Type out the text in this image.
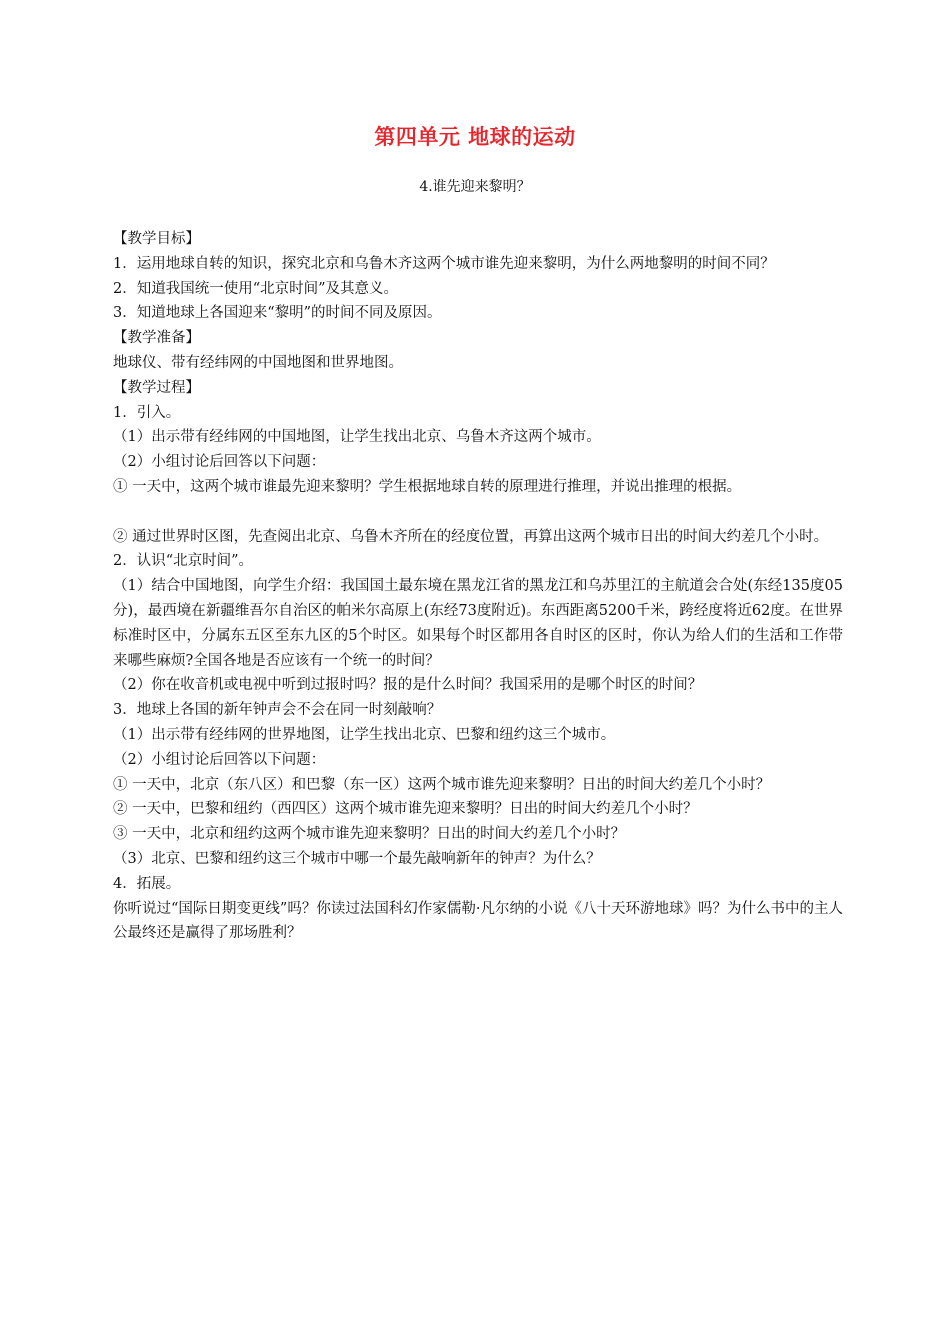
第四单元 地球的运动
4.谁先迎来黎明？

【教学目标】

1．运用地球自转的知识，探究北京和乌鲁木齐这两个城市谁先迎来黎明，为什么两地黎明的时间不同？

2．知道我国统一使用“北京时间”及其意义。

3．知道地球上各国迎来“黎明”的时间不同及原因。

【教学准备】

地球仪、带有经纬网的中国地图和世界地图。

【教学过程】

1．引入。

（1）出示带有经纬网的中国地图，让学生找出北京、乌鲁木齐这两个城市。

（2）小组讨论后回答以下问题：

① 一天中，这两个城市谁最先迎来黎明？学生根据地球自转的原理进行推理，并说出推理的根据。

② 通过世界时区图，先查阅出北京、乌鲁木齐所在的经度位置，再算出这两个城市日出的时间大约差几个小时。

2．认识“北京时间”。

（1）结合中国地图，向学生介绍：我国国土最东境在黑龙江省的黑龙江和乌苏里江的主航道会合处(东经135度05分)，最西境在新疆维吾尔自治区的帕米尔高原上(东经73度附近)。东西距离5200千米，跨经度将近62度。在世界标准时区中，分属东五区至东九区的5个时区。如果每个时区都用各自时区的区时，你认为给人们的生活和工作带来哪些麻烦?全国各地是否应该有一个统一的时间？

（2）你在收音机或电视中听到过报时吗？报的是什么时间？我国采用的是哪个时区的时间？

3．地球上各国的新年钟声会不会在同一时刻敲响？

（1）出示带有经纬网的世界地图，让学生找出北京、巴黎和纽约这三个城市。

（2）小组讨论后回答以下问题：

① 一天中，北京（东八区）和巴黎（东一区）这两个城市谁先迎来黎明？日出的时间大约差几个小时？

② 一天中，巴黎和纽约（西四区）这两个城市谁先迎来黎明？日出的时间大约差几个小时？

③ 一天中，北京和纽约这两个城市谁先迎来黎明？日出的时间大约差几个小时？

（3）北京、巴黎和纽约这三个城市中哪一个最先敲响新年的钟声？为什么？

4．拓展。

你听说过“国际日期变更线”吗？你读过法国科幻作家儒勒·凡尔纳的小说《八十天环游地球》吗？为什么书中的主人公最终还是赢得了那场胜利？
